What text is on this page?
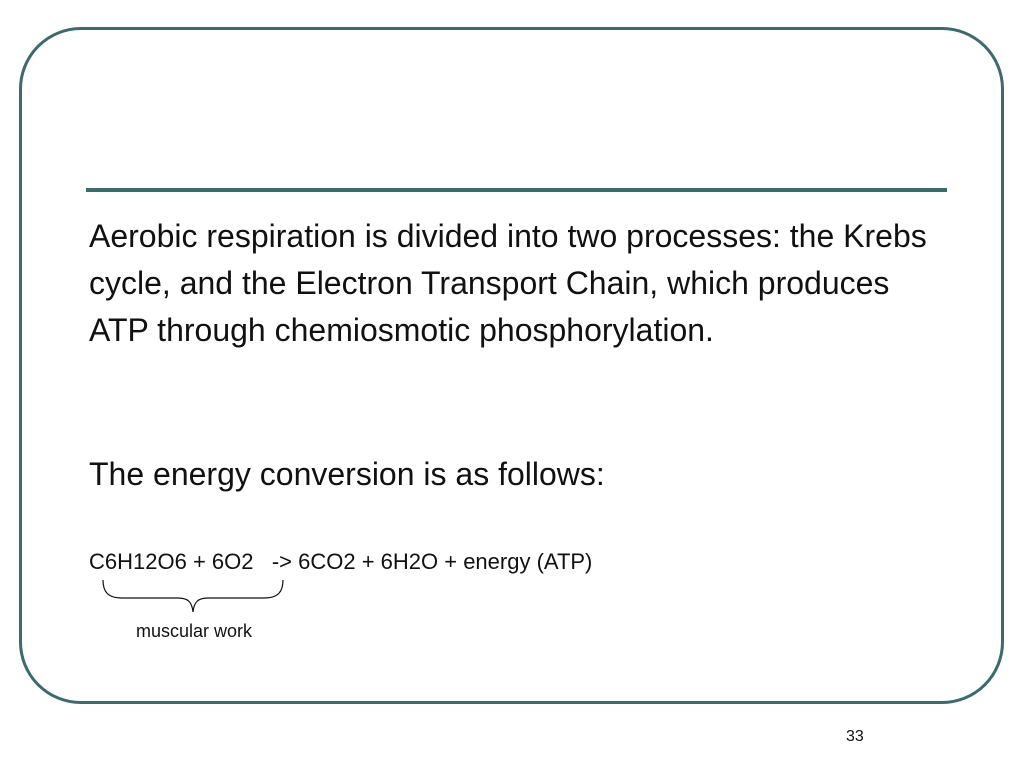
Aerobic respiration is divided into two processes: the Krebs cycle, and the Electron Transport Chain, which produces ATP through chemiosmotic phosphorylation.

The energy conversion is as follows:

C6H12O6 + 6O2   -> 6CO2 + 6H2O + energy (ATP)

muscular work
33
